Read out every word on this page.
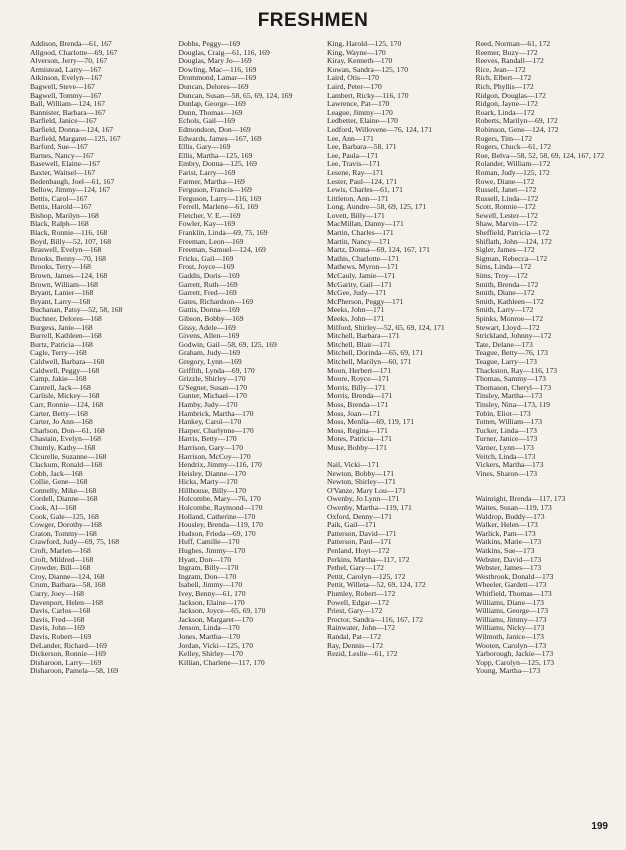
FRESHMEN
Addison, Brenda—61, 167
Allgood, Charlotte—69, 167
Alverson, Jerry—70, 167
Armistead, Larry—167
Atkinson, Evelyn—167
Bagwell, Steve—167
Bagwell, Tommy—167
Ball, William—124, 167
Bannister, Barbara—167
Barfield, Janice—167
Barfield, Donna—124, 167
Barfield, Margaret—125, 167
Barford, Sue—167
Barnes, Nancy—167
Basewell, Elaine—167
Baxter, Waitsel—167
Bedenbaugh, Joel—61, 167
Bellow, Jimmy—124, 167
Bettis, Carol—167
Bettis, Harold—167
Bishop, Marilyn—168
Black, Ralph—168
Black, Ronnie—116, 168
Boyd, Billy—52, 107, 168
Braswell, Evelyn—168
Brooks, Benny—70, 168
Brooks, Terry—168
Brown, James—124, 168
Brown, William—168
Bryant, Lanier—168
Bryant, Larry—168
Buchanan, Patsy—52, 58, 168
Buchner, Delores—168
Burgess, Janie—168
Burrell, Kathleen—168
Burtz, Patricia—168
Cagle, Terry—168
Caldwell, Barbara—168
Caldwell, Peggy—168
Camp, Jakie—168
Cantrell, Jack—168
Carlisle, Mickey—168
Carr, Ronnie—124, 168
Carter, Betty—168
Carter, Jo Ann—168
Charlson, Don—61, 168
Chastain, Evelyn—168
Chumly, Kathy—168
Clcurelle, Suzanne—168
Clackum, Ronald—168
Cobb, Jack—168
Collie, Gene—168
Connelly, Mike—168
Cordell, Dianne—168
Cook, Al—168
Cook, Gale—125, 168
Cowger, Dorothy—168
Craton, Tommy—168
Crawford, Judy—69, 75, 168
Croft, Marlen—168
Croft, Mildred—168
Crowder, Bill—168
Croy, Dianne—124, 168
Crum, Barbara—58, 168
Curry, Joey—168
Davenport, Helen—168
Davis, Carlos—168
Davis, Fred—168
Davis, John—169
Davis, Robert—169
DeLander, Richard—169
Dickerson, Ronnie—169
Disharoon, Larry—169
Disharoon, Pamela—58, 169
Dobbs, Peggy—169
Douglas, Craig—61, 116, 169
Douglas, Mary Jo—169
Dowling, Mac—116, 169
Drommond, Lamar—169
Duncan, Delores—169
Duncan, Susan—58, 65, 69, 124, 169
Dunlap, George—169
Dunn, Thomas—169
Echols, Gail—169
Edmondson, Don—169
Edwards, James—167, 169
Ellis, Gary—169
Ellis, Martha—125, 169
Embry, Donna—125, 169
Farist, Larry—169
Farmer, Martha—169
Ferguson, Francis—169
Ferguson, Larry—116, 169
Ferrell, Marlene—61, 169
Fletcher, V. E.—169
Fowler, Kay—169
Franklin, Linda—69, 75, 169
Freeman, Leon—169
Freeman, Samuel—124, 169
Fricks, Gail—169
Frost, Joyce—169
Gaddis, Doris—169
Garrett, Ruth—169
Garrett, Fred—169
Gates, Richardson—169
Gattis, Donna—169
Gibson, Bobby—169
Gissy, Adele—169
Givens, Allen—169
Godwin, Gail—58, 69, 125, 169
Graham, Judy—169
Gregory, Lynn—169
Griffith, Lynda—69, 170
Grizzle, Shirley—170
G'Segner, Susan—170
Gunter, Michael—170
Hamby, Judy—170
Hambrick, Martha—170
Hankey, Carol—170
Harper, Charlynne—170
Harris, Betty—170
Harrison, Gary—170
Harrison, McCoy—170
Hendrix, Jimmy—116, 170
Heisley, Dianne—170
Hicks, Marty—170
Hillhouse, Billy—170
Holcombe, Mary—76, 170
Holcombe, Raymond—170
Holland, Catherine—170
Housley, Brenda—119, 170
Hudson, Frieda—69, 170
Huff, Camille—170
Hughes, Jimmy—170
Hyatt, Don—170
Ingram, Billy—170
Ingram, Don—170
Isabell, Jimmy—170
Ivey, Benny—61, 170
Jackson, Elaine—170
Jackson, Joyce—65, 69, 170
Jackson, Margaret—170
Jenson, Linda—170
Jones, Martha—170
Jordan, Vicki—125, 170
Kelley, Shirley—170
Killian, Charlene—117, 170
King, Harold—125, 170
King, Wayne—170
Kiray, Kenneth—170
Kuwan, Sandra—125, 170
Laird, Otis—170
Laird, Peter—170
Lambert, Ricky—116, 170
Lawrence, Pat—170
League, Jimmy—170
Ledbetter, Elaine—170
Ledford, Willovene—76, 124, 171
Lee, Ann—171
Lee, Barbara—58, 171
Lee, Paula—171
Lee, Travis—171
Lesene, Ray—171
Lester, Paul—124, 171
Lewis, Charles—61, 171
Littleton, Ann—171
Long, Aundre—58, 69, 125, 171
Lovett, Billy—171
MacMillan, Danny—171
Martin, Charles—171
Martin, Nancy—171
Martz, Donna—69, 124, 167, 171
Mathis, Charlotte—171
Mathews, Myron—171
McCauly, Jamie—171
McGarity, Gail—171
McGee, Judy—171
McPherson, Peggy—171
Meeks, John—171
Meeks, John—171
Milford, Shirley—52, 65, 69, 124, 171
Mitchell, Barbara—171
Mitchell, Blair—171
Mitchell, Dorinda—65, 69, 171
Mitchell, Marilyn—60, 171
Moon, Herbert—171
Moore, Royce—171
Morris, Billy—171
Morris, Brenda—171
Moss, Brenda—171
Moss, Joan—171
Moss, Menlia—69, 119, 171
Moss, Regina—171
Motes, Patricia—171
Muse, Bobby—171
Nail, Vicki—171
Newton, Bobby—171
Newton, Shirley—171
O'Vanze, Mary Lou—171
Owenby, Jo Lynn—171
Owenby, Martha—119, 171
Oxford, Denny—171
Paik, Gail—171
Patterson, David—171
Patterson, Paul—171
Penland, Hoyt—172
Perkins, Martha—117, 172
Pethel, Gary—172
Pettit, Carolyn—125, 172
Pettit, Willeta—52, 69, 124, 172
Plumley, Robert—172
Powell, Edgar—172
Priest, Gary—172
Proctor, Sandra—116, 167, 172
Rainwater, John—172
Randal, Pat—172
Ray, Dennis—172
Rezid, Leslie—61, 172
Reed, Norman—61, 172
Reemer, Buzy—172
Reeves, Randall—172
Rice, Jean—172
Rich, Elbert—172
Rich, Phyllis—172
Ridgon, Douglas—172
Ridgon, Jayne—172
Roark, Linda—172
Roberts, Marilyn—69, 172
Robinson, Gene—124, 172
Rogers, Tim—172
Rogers, Chuck—61, 172
Roe, Belva—58, 52, 58, 69, 124, 167, 172
Rolander, William—172
Roman, Judy—125, 172
Rowe, Diane—172
Russell, Janet—172
Russell, Linda—172
Scott, Ronnie—172
Sewell, Lester—172
Shaw, Marvin—172
Sheffield, Patricia—172
Shiflath, John—124, 172
Sigler, James—172
Sigman, Rebecca—172
Sims, Linda—172
Sims, Troy—172
Smith, Brenda—172
Smith, Diane—172
Smith, Kathleen—172
Smith, Larry—172
Spinks, Monroe—172
Stewart, Lloyd—172
Strickland, Johnny—172
Tate, Delane—173
Teague, Betty—76, 173
Teague, Larry—173
Thackston, Ray—116, 173
Thomas, Sammy—173
Thomason, Cheryl—173
Tinsley, Martha—173
Tinsley, Nina—173, 119
Tobin, Eliot—173
Totten, William—173
Tucker, Linda—173
Turner, Janice—173
Varner, Lynn—173
Veitch, Linda—173
Vickers, Martha—173
Vines, Sharon—173
Wainright, Brenda—117, 173
Waites, Susan—119, 173
Waldrop, Buddy—173
Walker, Helen—173
Warlick, Pam—173
Watkins, Marie—173
Watkins, Sue—173
Webster, David—173
Webster, James—173
Westbrook, Donald—173
Wheeler, Gardett—173
Whitfield, Thomas—173
Williams, Diane—173
Williams, George—173
Williams, Jimmy—173
Williams, Nicky—173
Wilmoth, Janice—173
Wooten, Carolyn—173
Yarborough, Jackie—173
Yopp, Carolyn—125, 173
Young, Martha—173
199
